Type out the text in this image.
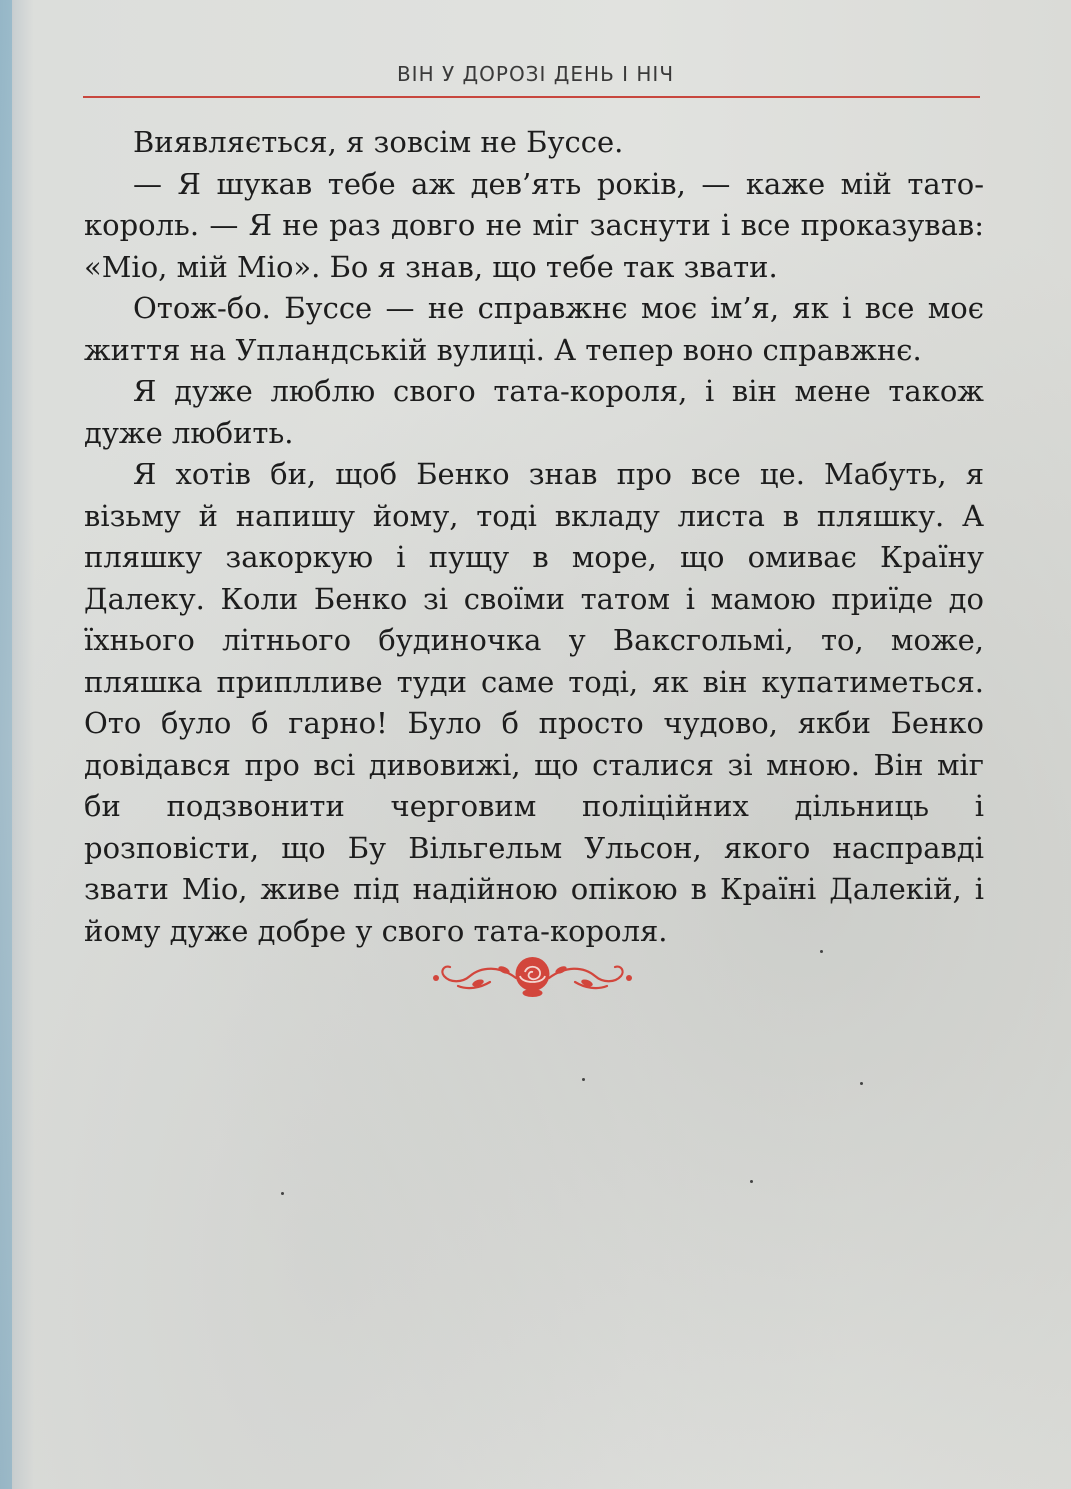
ВІН У ДОРОЗІ ДЕНЬ І НІЧ

Виявляється, я зовсім не Буссе.

— Я шукав тебе аж дев’ять років, — каже мій тато-король. — Я не раз довго не міг заснути і все проказував: «Міо, мій Міо». Бо я знав, що тебе так звати.

Отож-бо. Буссе — не справжнє моє ім’я, як і все моє життя на Упландській вулиці. А тепер воно справжнє.

Я дуже люблю свого тата-короля, і він мене також дуже любить.

Я хотів би, щоб Бенко знав про все це. Мабуть, я візьму й напишу йому, тоді вкладу листа в пляшку. А пляшку закоркую і пущу в море, що омиває Країну Далеку. Коли Бенко зі своїми татом і мамою приїде до їхнього літнього будиночка у Ваксгольмі, то, може, пляшка приплливе туди саме тоді, як він купатиметься. Ото було б гарно! Було б просто чудово, якби Бенко довідався про всі дивовижі, що сталися зі мною. Він міг би подзвонити черговим поліційних дільниць і розповісти, що Бу Вільгельм Ульсон, якого насправді звати Міо, живе під надійною опікою в Країні Далекій, і йому дуже добре у свого тата-короля.
